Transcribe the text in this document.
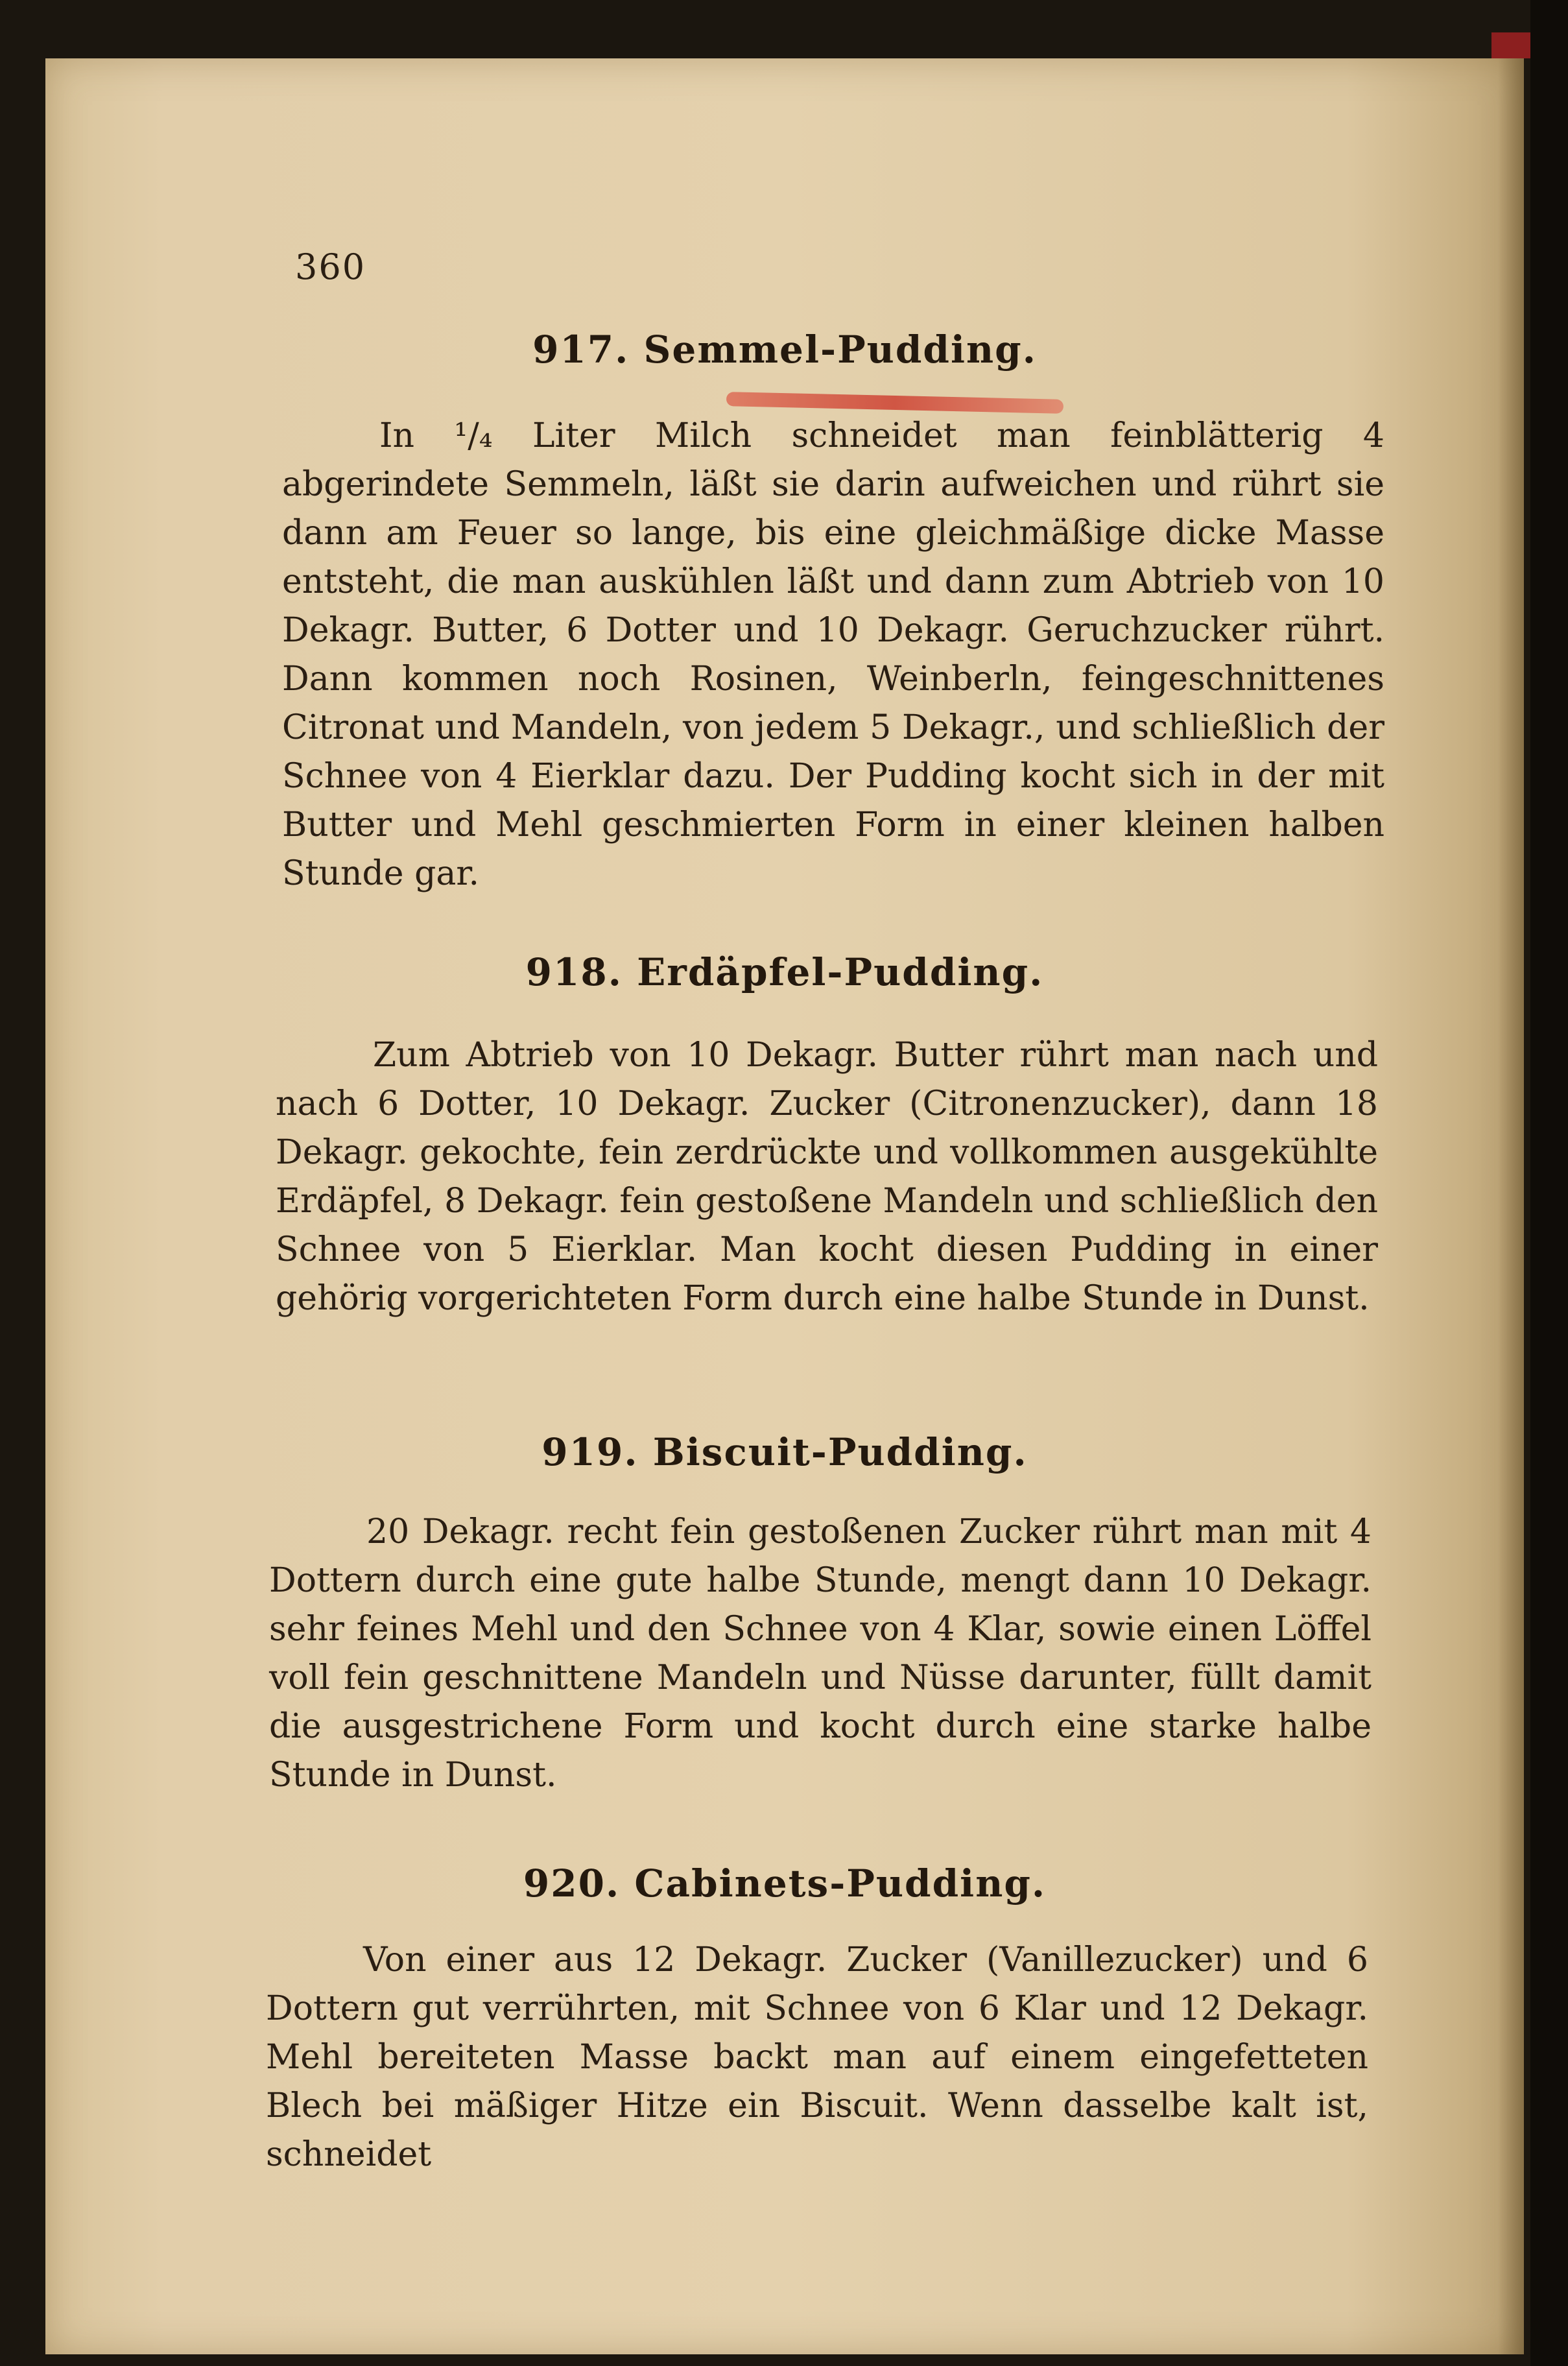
360
917. Semmel-Pudding.
In ¹/₄ Liter Milch schneidet man feinblätterig 4 abgerindete Semmeln, läßt sie darin aufweichen und rührt sie dann am Feuer so lange, bis eine gleichmäßige dicke Masse entsteht, die man auskühlen läßt und dann zum Abtrieb von 10 Dekagr. Butter, 6 Dotter und 10 Dekagr. Geruchzucker rührt. Dann kommen noch Rosinen, Weinberln, feingeschnittenes Citronat und Mandeln, von jedem 5 Dekagr., und schließlich der Schnee von 4 Eierklar dazu. Der Pudding kocht sich in der mit Butter und Mehl geschmierten Form in einer kleinen halben Stunde gar.
918. Erdäpfel-Pudding.
Zum Abtrieb von 10 Dekagr. Butter rührt man nach und nach 6 Dotter, 10 Dekagr. Zucker (Citronenzucker), dann 18 Dekagr. gekochte, fein zerdrückte und vollkommen ausgekühlte Erdäpfel, 8 Dekagr. fein gestoßene Mandeln und schließlich den Schnee von 5 Eierklar. Man kocht diesen Pudding in einer gehörig vorgerichteten Form durch eine halbe Stunde in Dunst.
919. Biscuit-Pudding.
20 Dekagr. recht fein gestoßenen Zucker rührt man mit 4 Dottern durch eine gute halbe Stunde, mengt dann 10 Dekagr. sehr feines Mehl und den Schnee von 4 Klar, sowie einen Löffel voll fein geschnittene Mandeln und Nüsse darunter, füllt damit die ausgestrichene Form und kocht durch eine starke halbe Stunde in Dunst.
920. Cabinets-Pudding.
Von einer aus 12 Dekagr. Zucker (Vanillezucker) und 6 Dottern gut verrührten, mit Schnee von 6 Klar und 12 Dekagr. Mehl bereiteten Masse backt man auf einem eingefetteten Blech bei mäßiger Hitze ein Biscuit. Wenn dasselbe kalt ist, schneidet
